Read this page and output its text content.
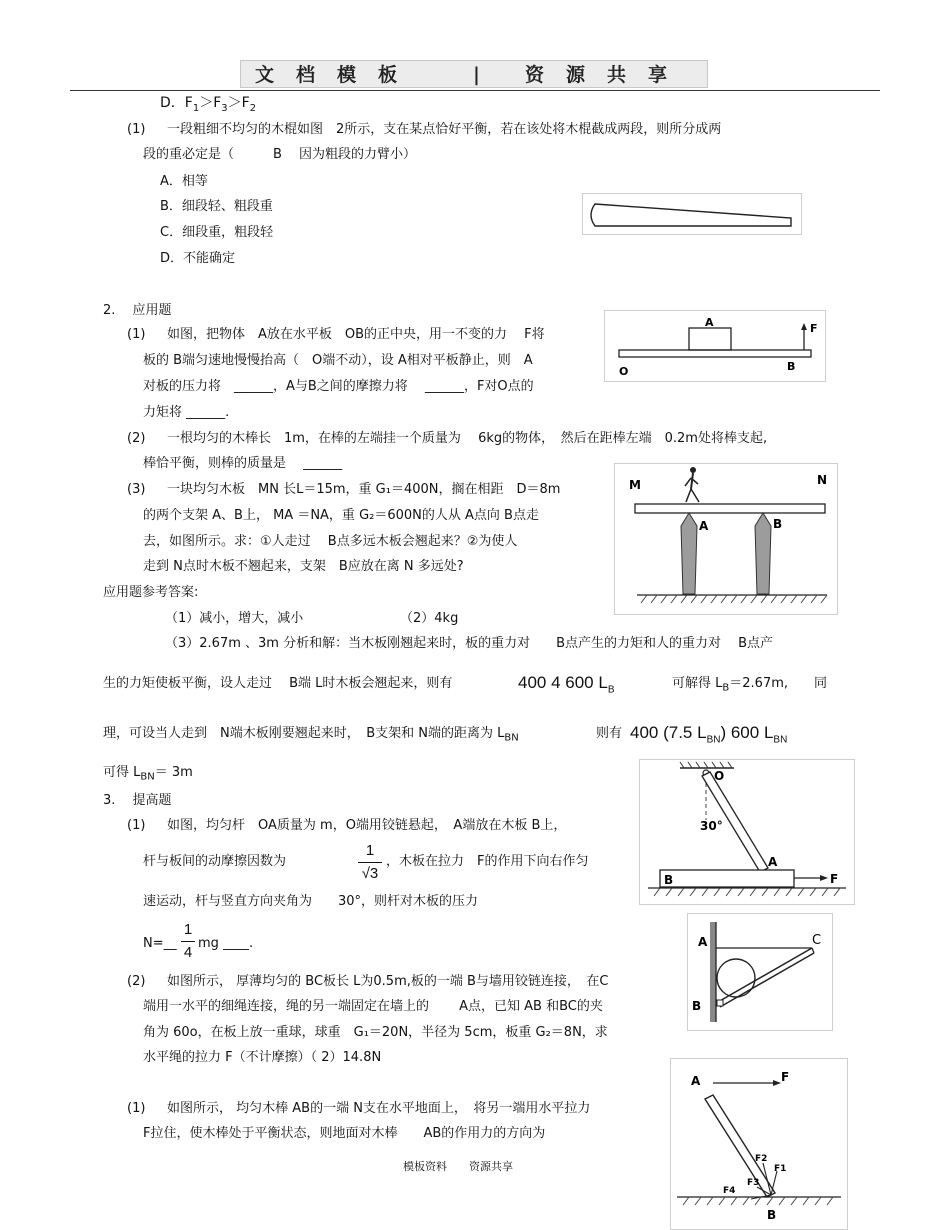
文档模板	| 资源共享
D．$F_1>F_3>F_2$
(1) 一段粗细不均匀的木棍如图　2所示，支在某点恰好平衡，若在该处将木棍截成两段，则所分成两
段的重必定是（　　　B　 因为粗段的力臂小）
A．相等
B．细段轻、粗段重
C．细段重，粗段轻
D．不能确定
2.　 应用题
(1) 如图，把物体　A放在水平板　OB的正中央，用一不变的力　 F将
板的 B端匀速地慢慢抬高（　O端不动），设 A相对平板静止，则　A
对板的压力将　______，A与B之间的摩擦力将　 ______，F对O点的
力矩将 ______.
A	F
O	B
(2) 一根均匀的木棒长　1m，在棒的左端挂一个质量为　 6kg的物体，　然后在距棒左端　0.2m处将棒支起,
棒恰平衡，则棒的质量是　 ______
(3) 一块均匀木板　MN 长L＝15m，重 G₁＝400N，搁在相距　D＝8m
的两个支架 A、B上， MA ＝NA，重 G₂＝600N的人从 A点向 B点走
去，如图所示。求：①人走过　 B点多远木板会翘起来？②为使人
走到 N点时木板不翘起来，支架　B应放在离 N 多远处?
M	N
A	B
应用题参考答案:
（1）减小，增大，减小	（2）4kg
（3）2.67m 、3m 分析和解：当木板刚翘起来时，板的重力对　　B点产生的力矩和人的重力对　 B点产
生的力矩使板平衡，设人走过　 B端 L时木板会翘起来，则有	400 4 600 $L_B$	可解得 $L_B=2.67m$,　　同
理，可设当人走到　N端木板刚要翘起来时，　B支架和 N端的距离为 $L_{BN}$	则有 400 (7.5 $L_{BN}$) 600 $L_{BN}$
可得 $L_{BN}= 3m$
3.　 提高题
(1) 如图，均匀杆　OA质量为 m，O端用铰链悬起，　A端放在木板 B上，
杆与板间的动摩擦因数为
1
√3
，木板在拉力　F的作用下向右作匀
速运动，杆与竖直方向夹角为　　30°，则杆对木板的压力
N=__
1
4
mg ____.
O
30°
A
B	F
(2) 如图所示， 厚薄均匀的 BC板长 L为0.5m,板的一端 B与墙用铰链连接，　在C
端用一水平的细绳连接，绳的另一端固定在墙上的　　 A点，已知 AB 和BC的夹
角为 60o，在板上放一重球，球重　G₁＝20N，半径为 5cm，板重 G₂＝8N，求
水平绳的拉力 F（不计摩擦）（ 2）14.8N
A	C
B
(1) 如图所示， 均匀木棒 AB的一端 N支在水平地面上，　将另一端用水平拉力
F拉住，使木棒处于平衡状态，则地面对木棒　　AB的作用力的方向为
A	F
F1
F2
F3
F4
B
模板资料　　资源共享
